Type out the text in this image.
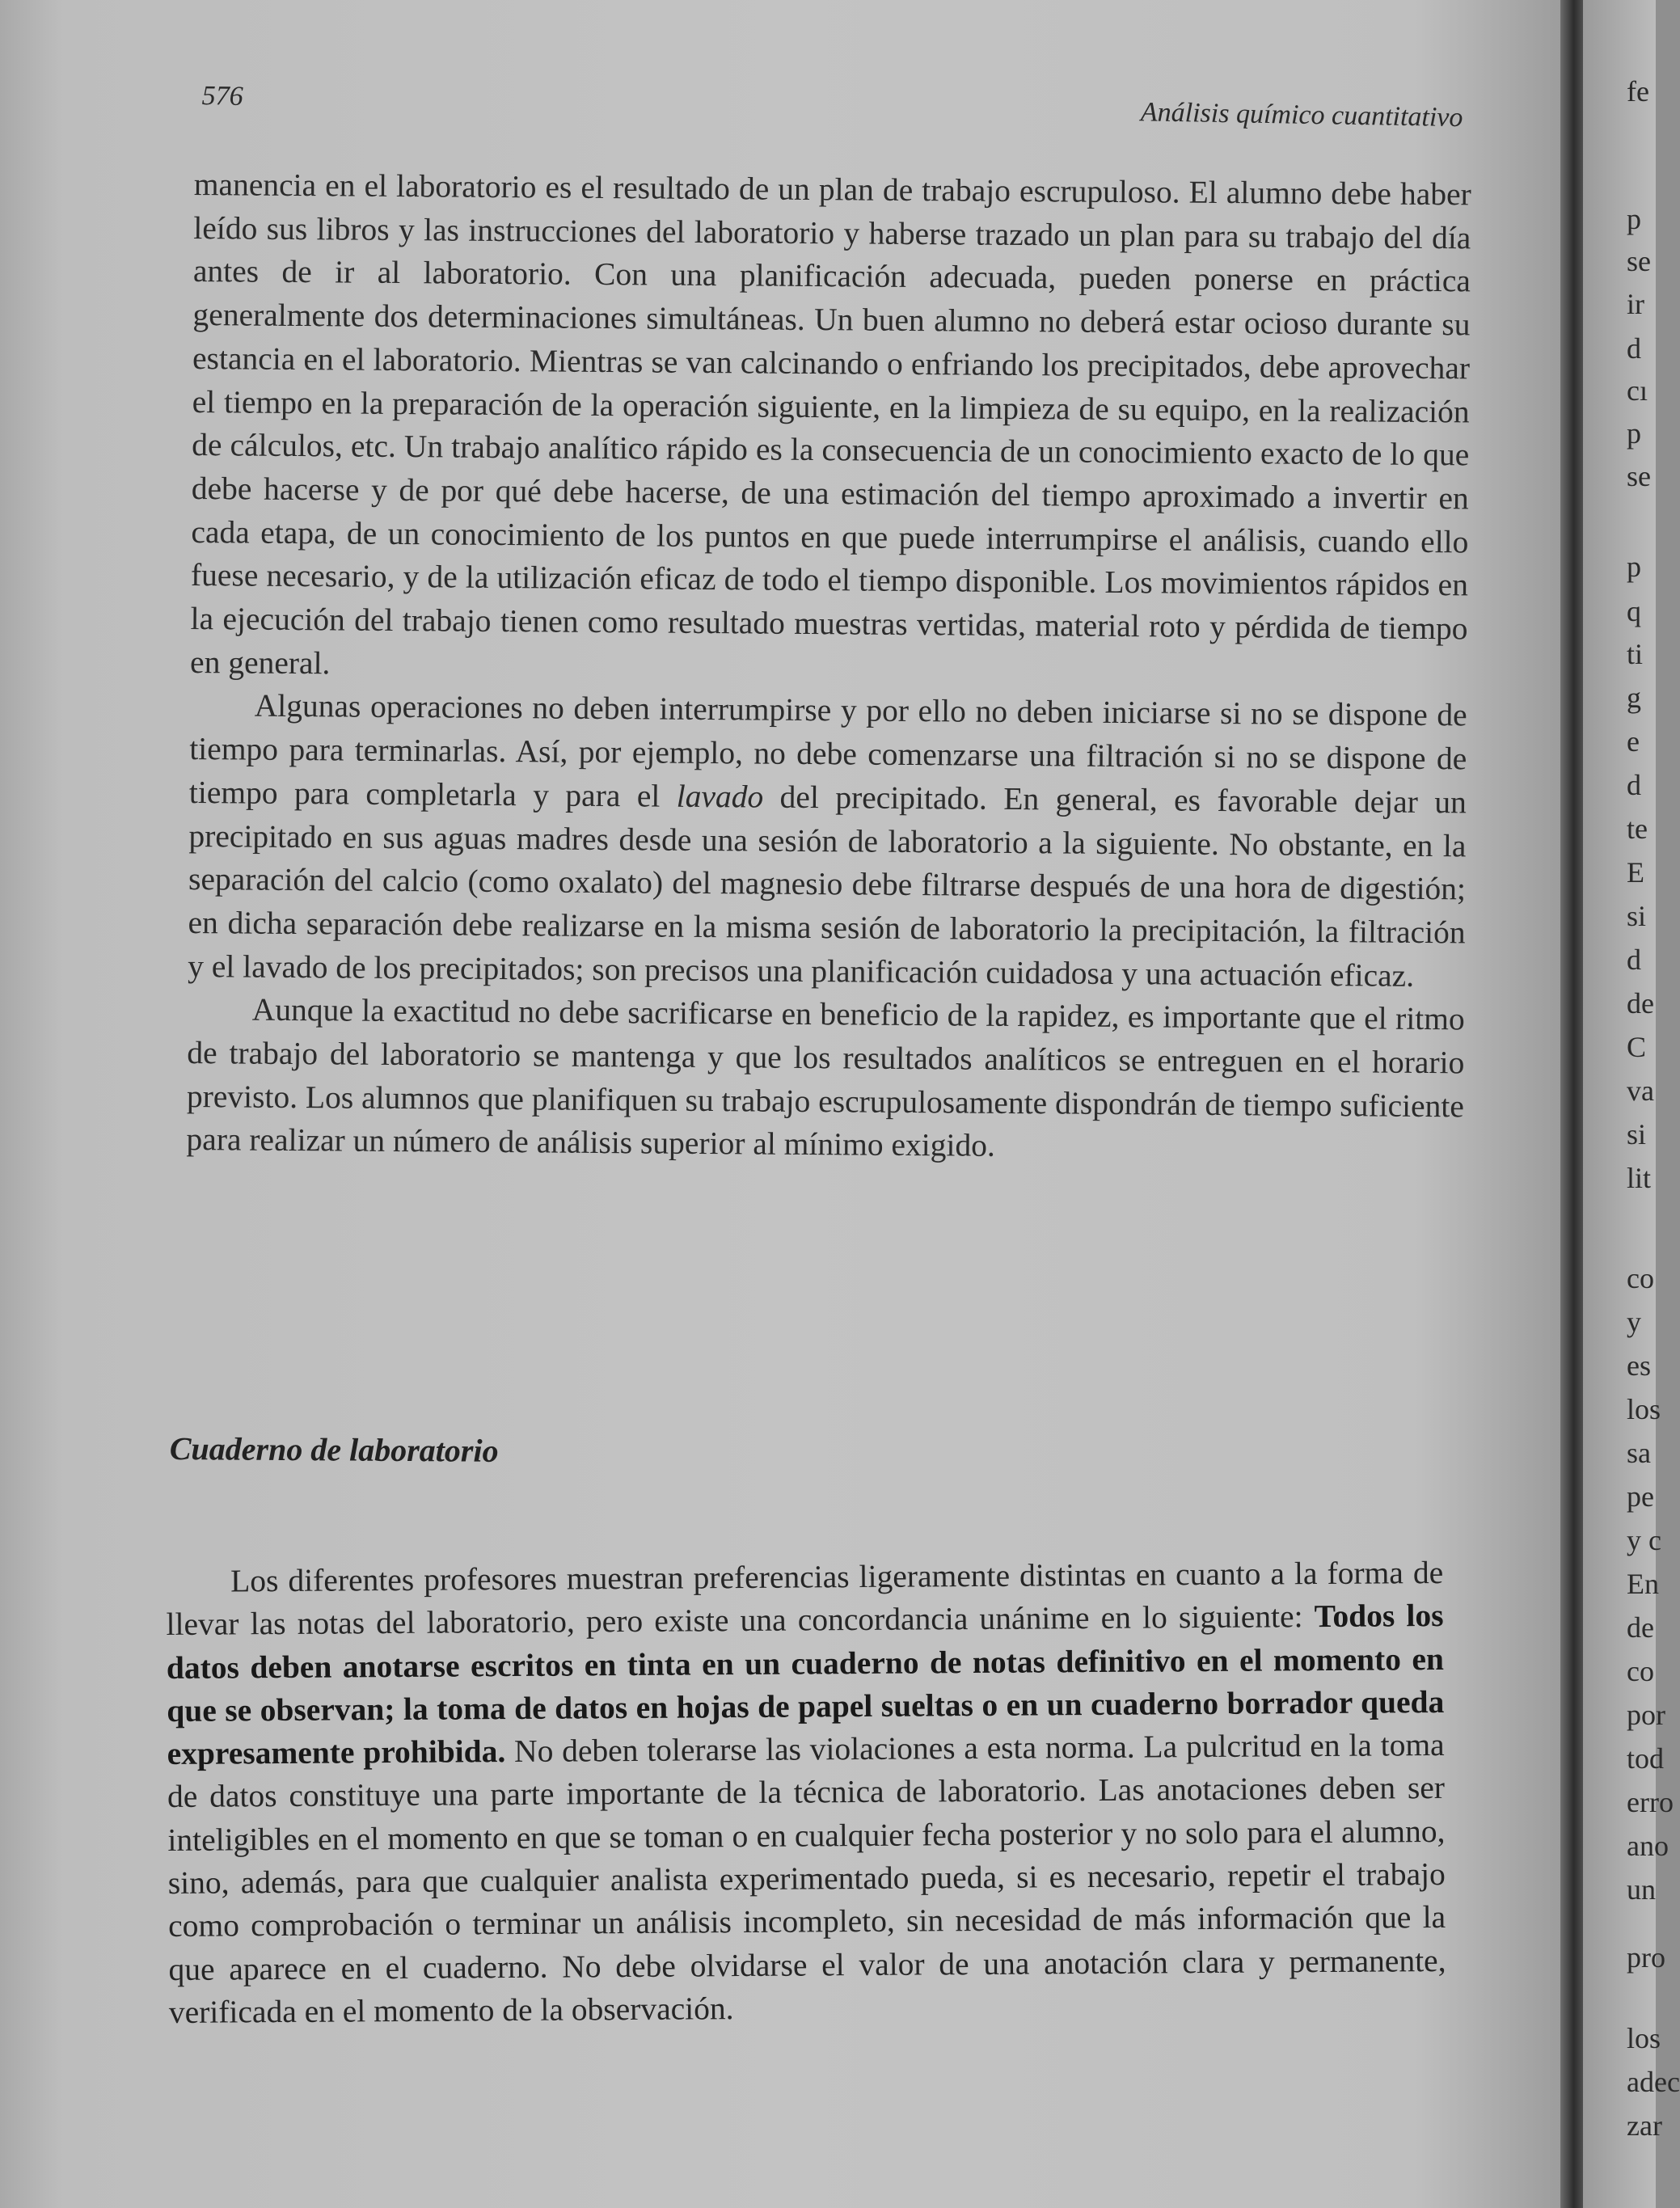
576
Análisis químico cuantitativo

manencia en el laboratorio es el resultado de un plan de trabajo escrupuloso. El alumno debe haber leído sus libros y las instrucciones del laboratorio y haberse trazado un plan para su trabajo del día antes de ir al laboratorio. Con una planificación adecuada, pueden ponerse en práctica generalmente dos determinaciones simultáneas. Un buen alumno no deberá estar ocioso durante su estancia en el laboratorio. Mientras se van calcinando o enfriando los precipitados, debe aprovechar el tiempo en la preparación de la operación siguiente, en la limpieza de su equipo, en la realización de cálculos, etc. Un trabajo analítico rápido es la consecuencia de un conocimiento exacto de lo que debe hacerse y de por qué debe hacerse, de una estimación del tiempo aproximado a invertir en cada etapa, de un conocimiento de los puntos en que puede interrumpirse el análisis, cuando ello fuese necesario, y de la utilización eficaz de todo el tiempo disponible. Los movimientos rápidos en la ejecución del trabajo tienen como resultado muestras vertidas, material roto y pérdida de tiempo en general.

Algunas operaciones no deben interrumpirse y por ello no deben iniciarse si no se dispone de tiempo para terminarlas. Así, por ejemplo, no debe comenzarse una filtración si no se dispone de tiempo para completarla y para el lavado del precipitado. En general, es favorable dejar un precipitado en sus aguas madres desde una sesión de laboratorio a la siguiente. No obstante, en la separación del calcio (como oxalato) del magnesio debe filtrarse después de una hora de digestión; en dicha separación debe realizarse en la misma sesión de laboratorio la precipitación, la filtración y el lavado de los precipitados; son precisos una planificación cuidadosa y una actuación eficaz.

Aunque la exactitud no debe sacrificarse en beneficio de la rapidez, es importante que el ritmo de trabajo del laboratorio se mantenga y que los resultados analíticos se entreguen en el horario previsto. Los alumnos que planifiquen su trabajo escrupulosamente dispondrán de tiempo suficiente para realizar un número de análisis superior al mínimo exigido.

Cuaderno de laboratorio

Los diferentes profesores muestran preferencias ligeramente distintas en cuanto a la forma de llevar las notas del laboratorio, pero existe una concordancia unánime en lo siguiente: Todos los datos deben anotarse escritos en tinta en un cuaderno de notas definitivo en el momento en que se observan; la toma de datos en hojas de papel sueltas o en un cuaderno borrador queda expresamente prohibida. No deben tolerarse las violaciones a esta norma. La pulcritud en la toma de datos constituye una parte importante de la técnica de laboratorio. Las anotaciones deben ser inteligibles en el momento en que se toman o en cualquier fecha posterior y no solo para el alumno, sino, además, para que cualquier analista experimentado pueda, si es necesario, repetir el trabajo como comprobación o terminar un análisis incompleto, sin necesidad de más información que la que aparece en el cuaderno. No debe olvidarse el valor de una anotación clara y permanente, verificada en el momento de la observación.

fe
p
se
ir
d
cı
p
se
p
q
ti
g
e
d
te
E
si
d
de
C
va
si
lit
co
y
es
los
sa
pe
y c
En
de
co
por
tod
erro
ano
un
pro
los
adec
zar
